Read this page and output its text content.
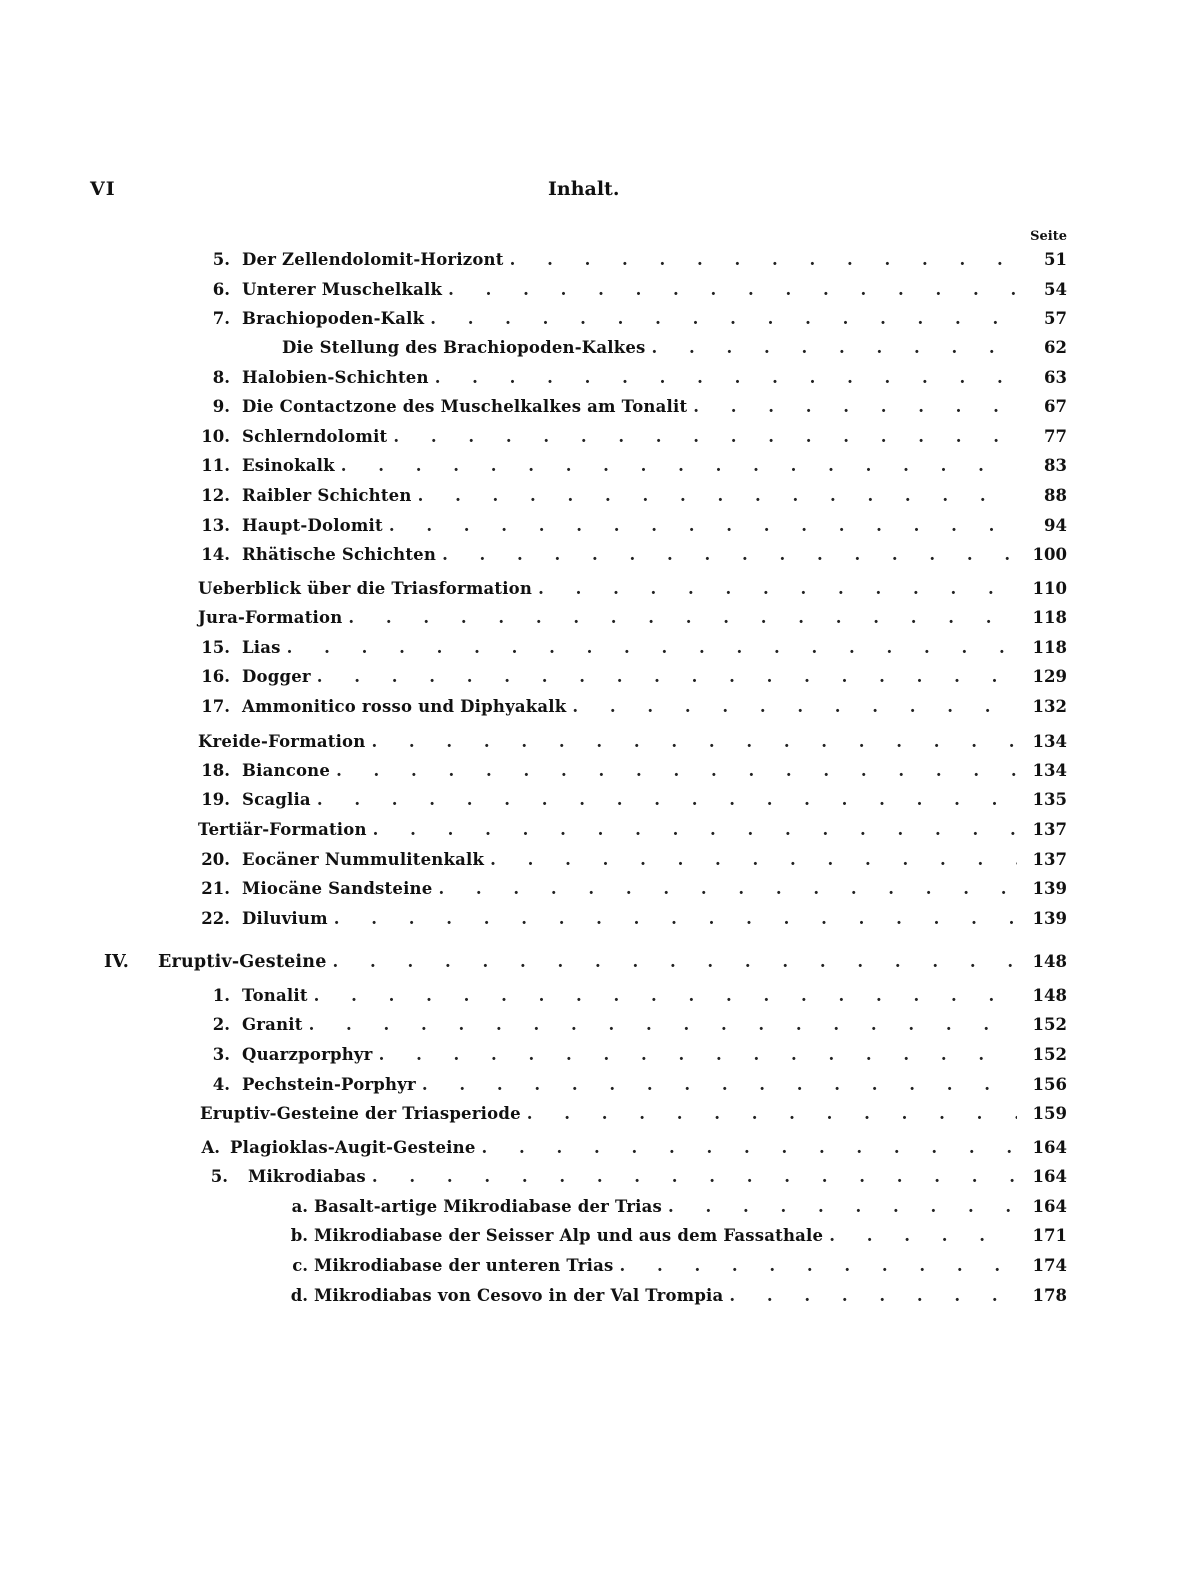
VI	Inhalt.
Seite
5. Der Zellendolomit-Horizont . . .	51
6. Unterer Muschelkalk . . .	54
7. Brachiopoden-Kalk . . .	57
Die Stellung des Brachiopoden-Kalkes . . .	62
8. Halobien-Schichten . . .	63
9. Die Contactzone des Muschelkalkes am Tonalit . . .	67
10. Schlerndolomit . . .	77
11. Esinokalk . . .	83
12. Raibler Schichten . . .	88
13. Haupt-Dolomit . . .	94
14. Rhätische Schichten . . .	100
Ueberblick über die Triasformation . . .	110
Jura-Formation . . .	118
15. Lias . . .	118
16. Dogger . . .	129
17. Ammonitico rosso und Diphyakalk . . .	132
Kreide-Formation . . .	134
18. Biancone . . .	134
19. Scaglia . . .	135
Tertiär-Formation . . .	137
20. Eocäner Nummulitenkalk . . .	137
21. Miocäne Sandsteine . . .	139
22. Diluvium . . .	139
IV.	Eruptiv-Gesteine . . .	148
1. Tonalit . . .	148
2. Granit . . .	152
3. Quarzporphyr . . .	152
4. Pechstein-Porphyr . . .	156
Eruptiv-Gesteine der Triasperiode . . .	159
A. Plagioklas-Augit-Gesteine . . .	164
5.	Mikrodiabas . . .	164
a. Basalt-artige Mikrodiabase der Trias . . .	164
b. Mikrodiabase der Seisser Alp und aus dem Fassathale . . .	171
c. Mikrodiabase der unteren Trias . . .	174
d. Mikrodiabas von Cesovo in der Val Trompia . . .	178
